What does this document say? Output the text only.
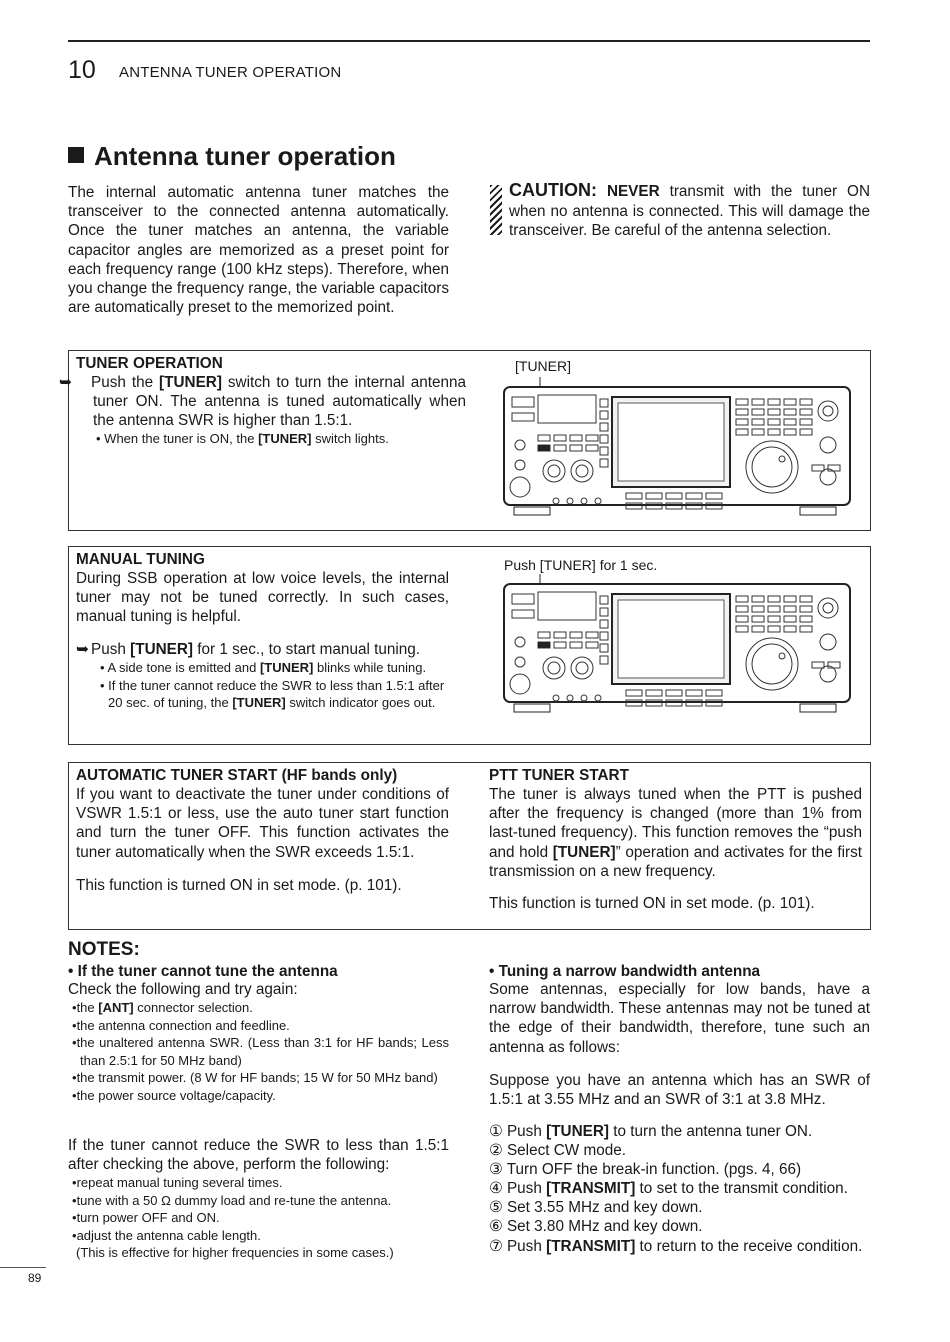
10 ANTENNA TUNER OPERATION
Antenna tuner operation
The internal automatic antenna tuner matches the transceiver to the connected antenna automatically. Once the tuner matches an antenna, the variable capacitor angles are memorized as a preset point for each frequency range (100 kHz steps). Therefore, when you change the frequency range, the variable capacitors are automatically preset to the memorized point.
CAUTION: NEVER transmit with the tuner ON when no antenna is connected. This will damage the transceiver. Be careful of the antenna selection.
TUNER OPERATION
➥ Push the [TUNER] switch to turn the internal antenna tuner ON. The antenna is tuned automatically when the antenna SWR is higher than 1.5:1.
• When the tuner is ON, the [TUNER] switch lights.
[TUNER]
MANUAL TUNING
During SSB operation at low voice levels, the internal tuner may not be tuned correctly. In such cases, manual tuning is helpful.
➥ Push [TUNER] for 1 sec., to start manual tuning.
• A side tone is emitted and [TUNER] blinks while tuning.
• If the tuner cannot reduce the SWR to less than 1.5:1 after 20 sec. of tuning, the [TUNER] switch indicator goes out.
Push [TUNER] for 1 sec.
AUTOMATIC TUNER START (HF bands only)
If you want to deactivate the tuner under conditions of VSWR 1.5:1 or less, use the auto tuner start function and turn the tuner OFF. This function activates the tuner automatically when the SWR exceeds 1.5:1.
This function is turned ON in set mode. (p. 101).
PTT TUNER START
The tuner is always tuned when the PTT is pushed after the frequency is changed (more than 1% from last-tuned frequency). This function removes the “push and hold [TUNER]” operation and activates for the first transmission on a new frequency.
This function is turned ON in set mode. (p. 101).
NOTES:
• If the tuner cannot tune the antenna
Check the following and try again:
•the [ANT] connector selection.
•the antenna connection and feedline.
•the unaltered antenna SWR. (Less than 3:1 for HF bands; Less than 2.5:1 for 50 MHz band)
•the transmit power. (8 W for HF bands; 15 W for 50 MHz band)
•the power source voltage/capacity.
If the tuner cannot reduce the SWR to less than 1.5:1 after checking the above, perform the following:
•repeat manual tuning several times.
•tune with a 50 Ω dummy load and re-tune the antenna.
•turn power OFF and ON.
•adjust the antenna cable length.
(This is effective for higher frequencies in some cases.)
• Tuning a narrow bandwidth antenna
Some antennas, especially for low bands, have a narrow bandwidth. These antennas may not be tuned at the edge of their bandwidth, therefore, tune such an antenna as follows:
Suppose you have an antenna which has an SWR of 1.5:1 at 3.55 MHz and an SWR of 3:1 at 3.8 MHz.
① Push [TUNER] to turn the antenna tuner ON.
② Select CW mode.
③ Turn OFF the break-in function. (pgs. 4, 66)
④ Push [TRANSMIT] to set to the transmit condition.
⑤ Set 3.55 MHz and key down.
⑥ Set 3.80 MHz and key down.
⑦ Push [TRANSMIT] to return to the receive condition.
89
